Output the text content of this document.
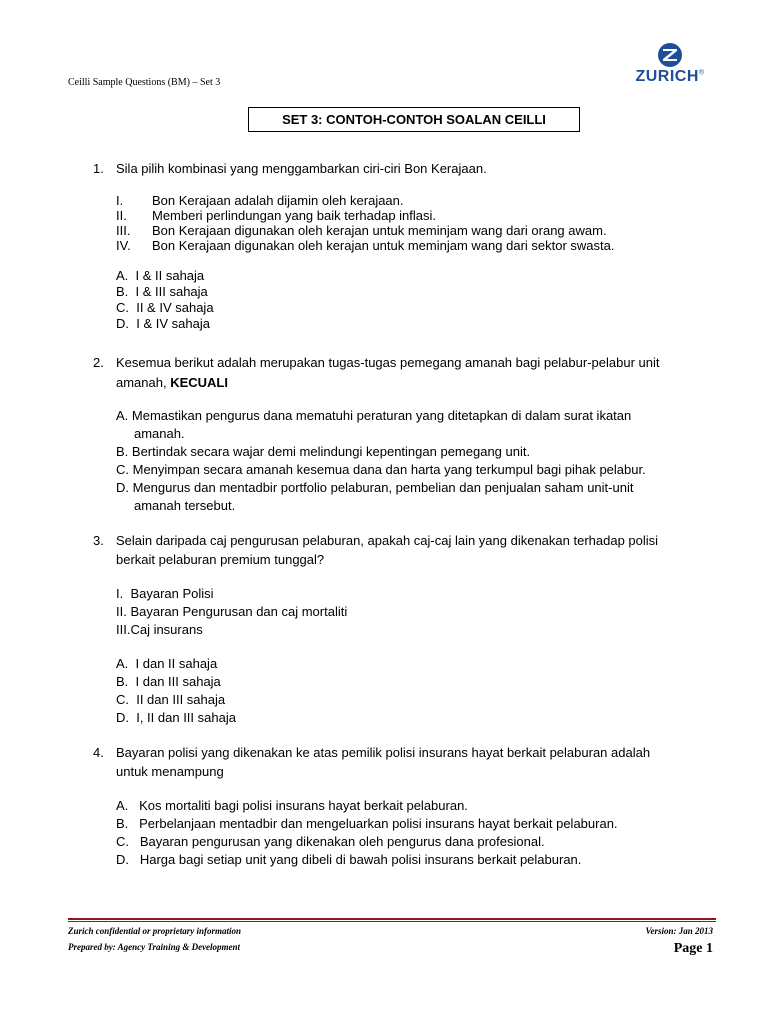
Ceilli Sample Questions (BM) – Set 3	ZURICH®
SET 3: CONTOH-CONTOH SOALAN CEILLI
1. Sila pilih kombinasi yang menggambarkan ciri-ciri Bon Kerajaan.
I. Bon Kerajaan adalah dijamin oleh kerajaan.
II. Memberi perlindungan yang baik terhadap inflasi.
III. Bon Kerajaan digunakan oleh kerajan untuk meminjam wang dari orang awam.
IV. Bon Kerajaan digunakan oleh kerajan untuk meminjam wang dari sektor swasta.
A.  I & II sahaja
B.  I & III sahaja
C.  II & IV sahaja
D.  I & IV sahaja
2. Kesemua berikut adalah merupakan tugas-tugas pemegang amanah bagi pelabur-pelabur unit
amanah, KECUALI
A. Memastikan pengurus dana mematuhi peraturan yang ditetapkan di dalam surat ikatan
amanah.
B. Bertindak secara wajar demi melindungi kepentingan pemegang unit.
C. Menyimpan secara amanah kesemua dana dan harta yang terkumpul bagi pihak pelabur.
D. Mengurus dan mentadbir portfolio pelaburan, pembelian dan penjualan saham unit-unit
amanah tersebut.
3. Selain daripada caj pengurusan pelaburan, apakah caj-caj lain yang dikenakan terhadap polisi
berkait pelaburan premium tunggal?
I.  Bayaran Polisi
II. Bayaran Pengurusan dan caj mortaliti
III.Caj insurans
A.  I dan II sahaja
B.  I dan III sahaja
C.  II dan III sahaja
D.  I, II dan III sahaja
4. Bayaran polisi yang dikenakan ke atas pemilik polisi insurans hayat berkait pelaburan adalah
untuk menampung
A.   Kos mortaliti bagi polisi insurans hayat berkait pelaburan.
B.   Perbelanjaan mentadbir dan mengeluarkan polisi insurans hayat berkait pelaburan.
C.   Bayaran pengurusan yang dikenakan oleh pengurus dana profesional.
D.   Harga bagi setiap unit yang dibeli di bawah polisi insurans berkait pelaburan.
Zurich confidential or proprietary information
Prepared by: Agency Training & Development
Version: Jan 2013
Page 1
